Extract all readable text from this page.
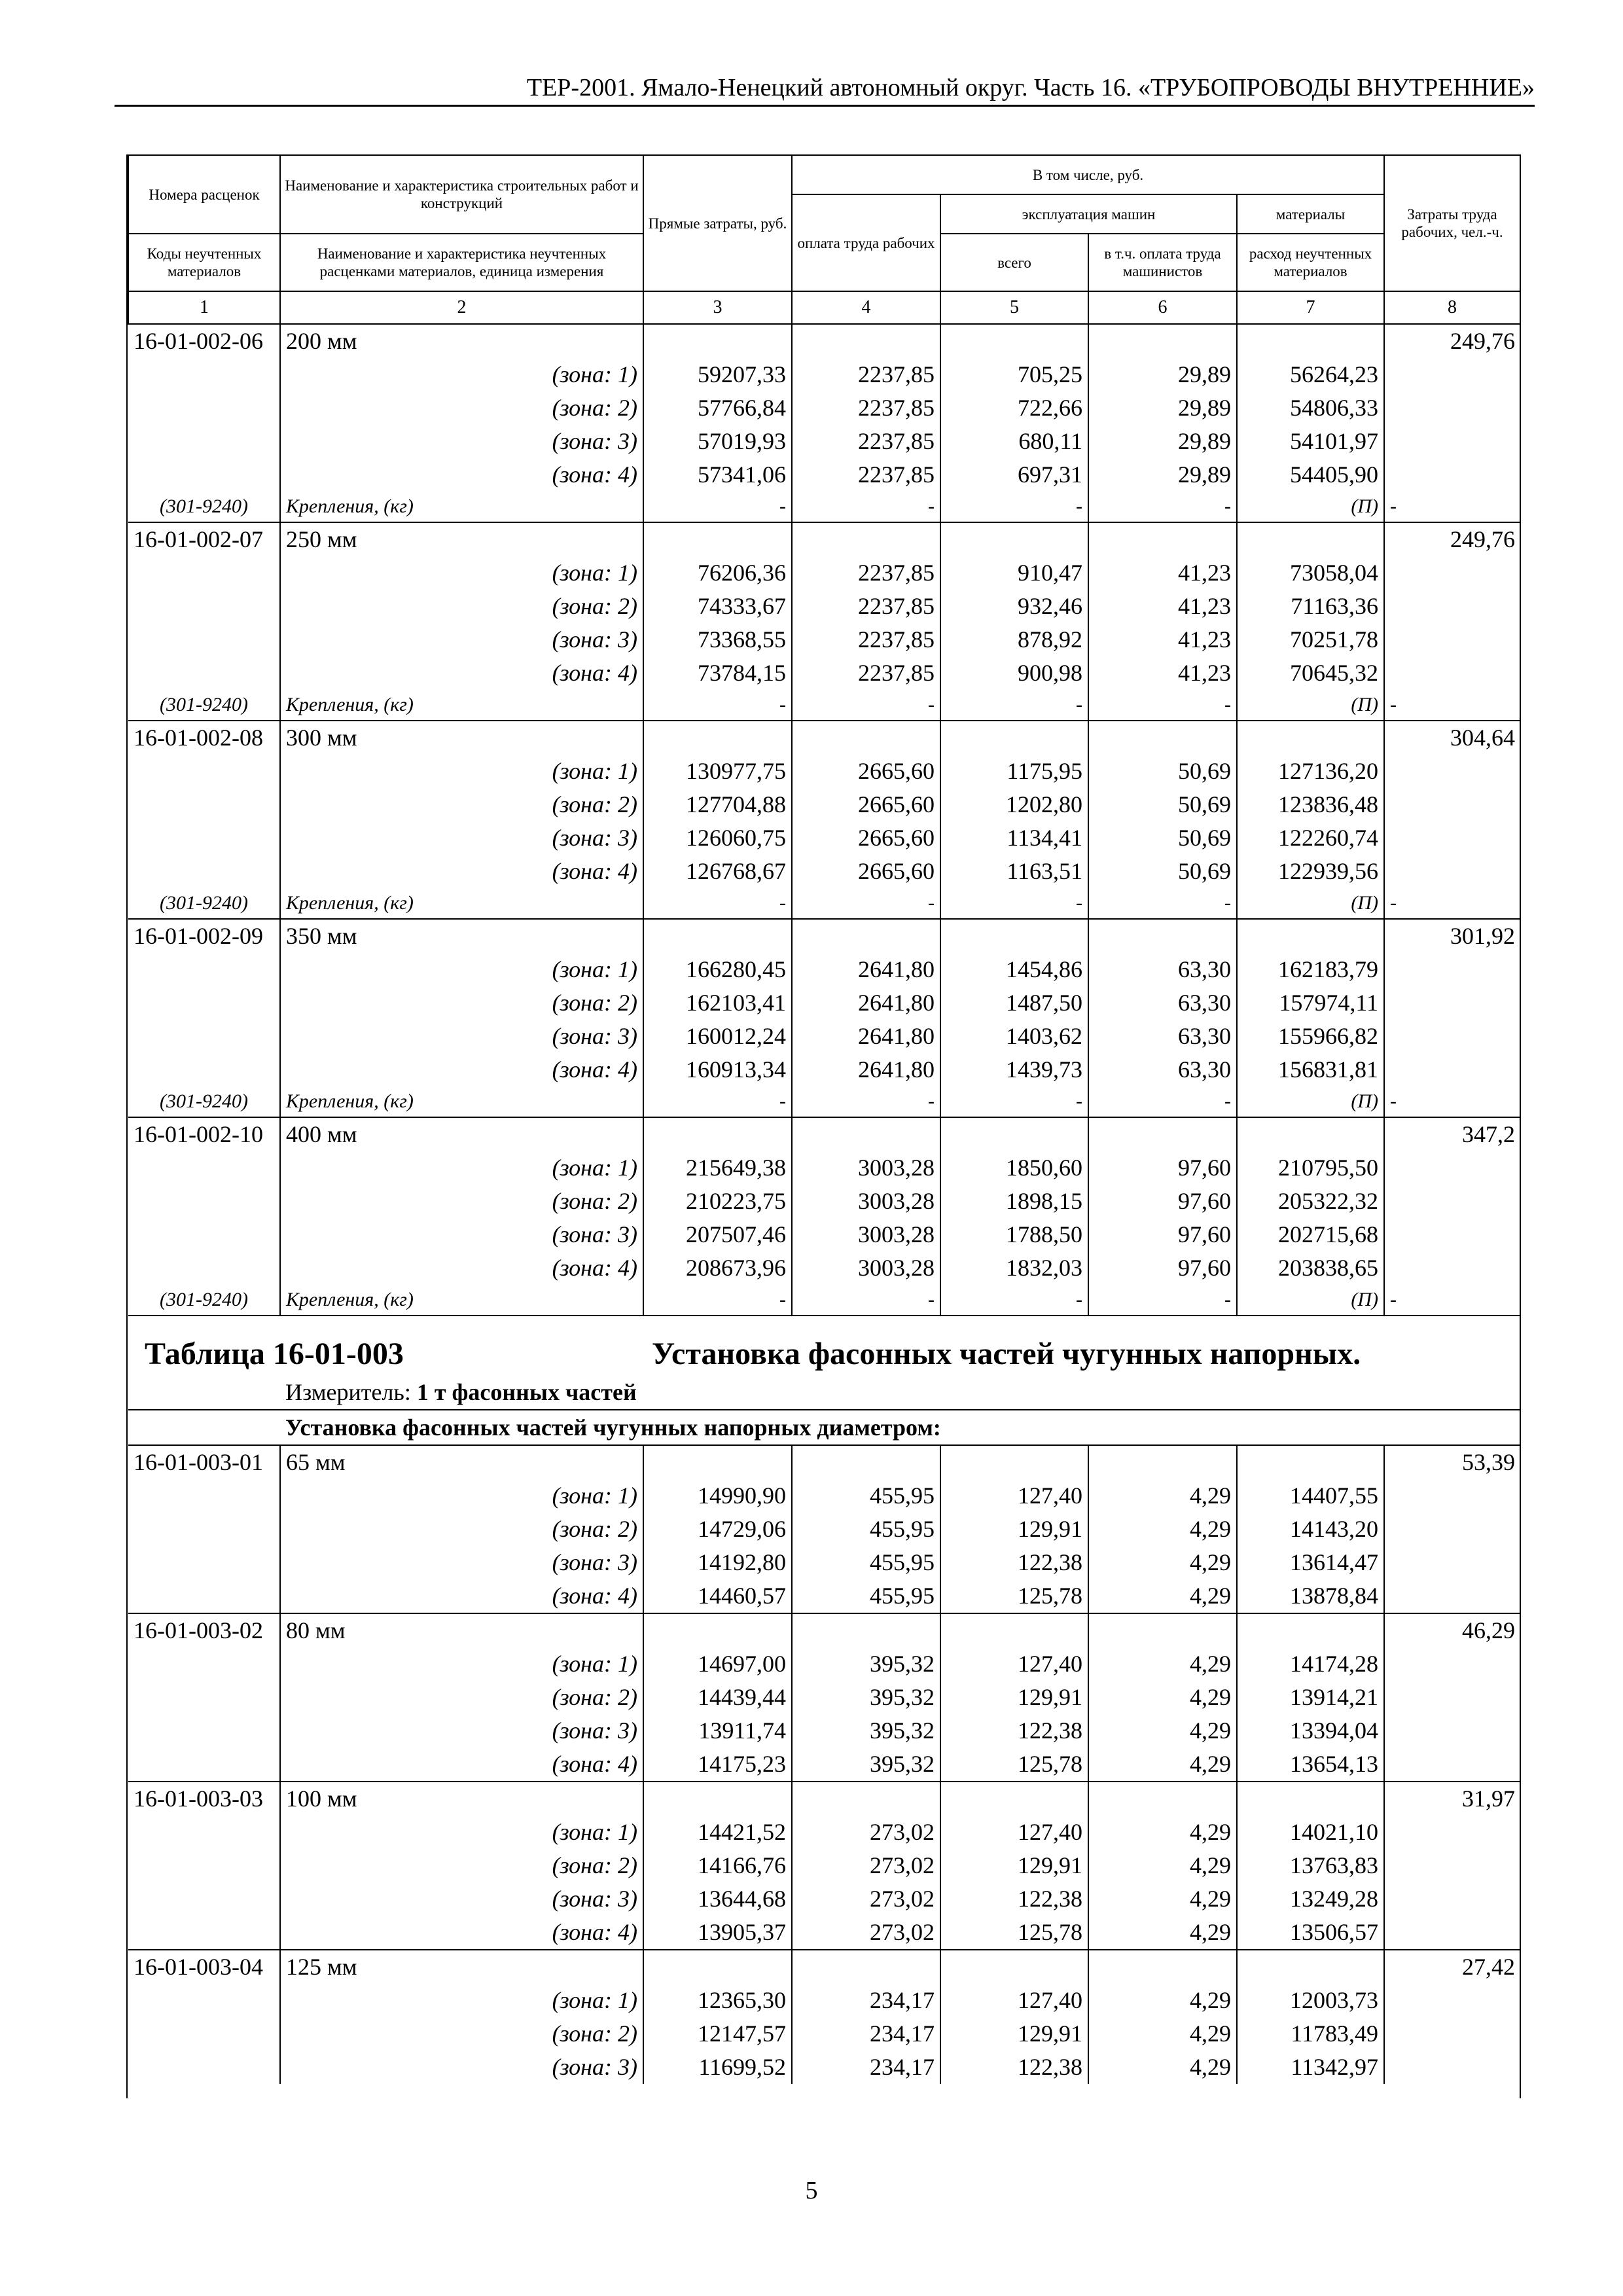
ТЕР-2001. Ямало-Ненецкий автономный округ. Часть 16. «ТРУБОПРОВОДЫ ВНУТРЕННИЕ»
Номера расценок	Наименование и характеристика строительных работ и конструкций	Прямые затраты, руб.	В том числе, руб.				Затраты труда рабочих, чел.-ч.
			оплата труда рабочих	эксплуатация машин		материалы	
Коды неучтенных материалов	Наименование и характеристика неучтенных расценками материалов, единица измерения			всего	в т.ч. оплата труда машинистов	расход неучтенных материалов	
1	2	3	4	5	6	7	8
16-01-002-06	200 мм						249,76
	(зона: 1)	59207,33	2237,85	705,25	29,89	56264,23	
	(зона: 2)	57766,84	2237,85	722,66	29,89	54806,33	
	(зона: 3)	57019,93	2237,85	680,11	29,89	54101,97	
	(зона: 4)	57341,06	2237,85	697,31	29,89	54405,90	
(301-9240)	Крепления, (кг)	-	-	-	-	(П)	-
16-01-002-07	250 мм						249,76
	(зона: 1)	76206,36	2237,85	910,47	41,23	73058,04	
	(зона: 2)	74333,67	2237,85	932,46	41,23	71163,36	
	(зона: 3)	73368,55	2237,85	878,92	41,23	70251,78	
	(зона: 4)	73784,15	2237,85	900,98	41,23	70645,32	
(301-9240)	Крепления, (кг)	-	-	-	-	(П)	-
16-01-002-08	300 мм						304,64
	(зона: 1)	130977,75	2665,60	1175,95	50,69	127136,20	
	(зона: 2)	127704,88	2665,60	1202,80	50,69	123836,48	
	(зона: 3)	126060,75	2665,60	1134,41	50,69	122260,74	
	(зона: 4)	126768,67	2665,60	1163,51	50,69	122939,56	
(301-9240)	Крепления, (кг)	-	-	-	-	(П)	-
16-01-002-09	350 мм						301,92
	(зона: 1)	166280,45	2641,80	1454,86	63,30	162183,79	
	(зона: 2)	162103,41	2641,80	1487,50	63,30	157974,11	
	(зона: 3)	160012,24	2641,80	1403,62	63,30	155966,82	
	(зона: 4)	160913,34	2641,80	1439,73	63,30	156831,81	
(301-9240)	Крепления, (кг)	-	-	-	-	(П)	-
16-01-002-10	400 мм						347,2
	(зона: 1)	215649,38	3003,28	1850,60	97,60	210795,50	
	(зона: 2)	210223,75	3003,28	1898,15	97,60	205322,32	
	(зона: 3)	207507,46	3003,28	1788,50	97,60	202715,68	
	(зона: 4)	208673,96	3003,28	1832,03	97,60	203838,65	
(301-9240)	Крепления, (кг)	-	-	-	-	(П)	-

Таблица 16-01-003 Установка фасонных частей чугунных напорных.							

	Измеритель: 1 т фасонных частей						
	Установка фасонных частей чугунных напорных диаметром:						
16-01-003-01	65 мм						53,39
	(зона: 1)	14990,90	455,95	127,40	4,29	14407,55	
	(зона: 2)	14729,06	455,95	129,91	4,29	14143,20	
	(зона: 3)	14192,80	455,95	122,38	4,29	13614,47	
	(зона: 4)	14460,57	455,95	125,78	4,29	13878,84	
16-01-003-02	80 мм						46,29
	(зона: 1)	14697,00	395,32	127,40	4,29	14174,28	
	(зона: 2)	14439,44	395,32	129,91	4,29	13914,21	
	(зона: 3)	13911,74	395,32	122,38	4,29	13394,04	
	(зона: 4)	14175,23	395,32	125,78	4,29	13654,13	
16-01-003-03	100 мм						31,97
	(зона: 1)	14421,52	273,02	127,40	4,29	14021,10	
	(зона: 2)	14166,76	273,02	129,91	4,29	13763,83	
	(зона: 3)	13644,68	273,02	122,38	4,29	13249,28	
	(зона: 4)	13905,37	273,02	125,78	4,29	13506,57	
16-01-003-04	125 мм						27,42
	(зона: 1)	12365,30	234,17	127,40	4,29	12003,73	
	(зона: 2)	12147,57	234,17	129,91	4,29	11783,49	
	(зона: 3)	11699,52	234,17	122,38	4,29	11342,97	
5
